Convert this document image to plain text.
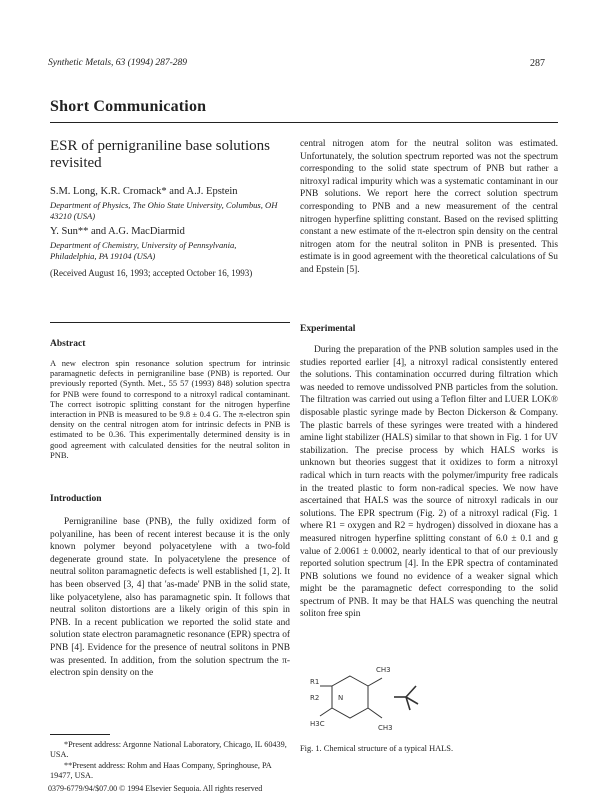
Synthetic Metals, 63 (1994) 287-289	287
Short Communication
ESR of pernigraniline base solutions
revisited
S.M. Long, K.R. Cromack* and A.J. Epstein
Department of Physics, The Ohio State University, Columbus, OH 43210 (USA)
Y. Sun** and A.G. MacDiarmid
Department of Chemistry, University of Pennsylvania, Philadelphia, PA 19104 (USA)
(Received August 16, 1993; accepted October 16, 1993)
Abstract
A new electron spin resonance solution spectrum for intrinsic paramagnetic defects in pernigraniline base (PNB) is reported. Our previously reported (Synth. Met., 55 57 (1993) 848) solution spectra for PNB were found to correspond to a nitroxyl radical contaminant. The correct isotropic splitting constant for the nitrogen hyperfine interaction in PNB is measured to be 9.8 ± 0.4 G. The π-electron spin density on the central nitrogen atom for intrinsic defects in PNB is estimated to be 0.36. This experimentally determined density is in good agreement with calculated densities for the neutral soliton in PNB.
Introduction

Pernigraniline base (PNB), the fully oxidized form of polyaniline, has been of recent interest because it is the only known polymer beyond polyacetylene with a two-fold degenerate ground state. In polyacetylene the presence of neutral soliton paramagnetic defects is well established [1, 2]. It has been observed [3, 4] that 'as-made' PNB in the solid state, like polyacetylene, also has paramagnetic spin. It follows that neutral soliton distortions are a likely origin of this spin in PNB. In a recent publication we reported the solid state and solution state electron paramagnetic resonance (EPR) spectra of PNB [4]. Evidence for the presence of neutral solitons in PNB was presented. In addition, from the solution spectrum the π-electron spin density on the

*Present address: Argonne National Laboratory, Chicago, IL 60439, USA.

**Present address: Rohm and Haas Company, Springhouse, PA 19477, USA.

central nitrogen atom for the neutral soliton was estimated. Unfortunately, the solution spectrum reported was not the spectrum corresponding to the solid state spectrum of PNB but rather a nitroxyl radical impurity which was a systematic contaminant in our PNB solutions. We report here the correct solution spectrum corresponding to PNB and a new measurement of the central nitrogen hyperfine splitting constant. Based on the revised splitting constant a new estimate of the π-electron spin density on the central nitrogen atom for the neutral soliton in PNB is presented. This estimate is in good agreement with the theoretical calculations of Su and Epstein [5].
Experimental

During the preparation of the PNB solution samples used in the studies reported earlier [4], a nitroxyl radical consistently entered the solutions. This contamination occurred during filtration which was needed to remove undissolved PNB particles from the solution. The filtration was carried out using a Teflon filter and LUER LOK® disposable plastic syringe made by Becton Dickerson & Company. The plastic barrels of these syringes were treated with a hindered amine light stabilizer (HALS) similar to that shown in Fig. 1 for UV stabilization. The precise process by which HALS works is unknown but theories suggest that it oxidizes to form a nitroxyl radical which in turn reacts with the polymer/impurity free radicals in the treated plastic to form non-radical species. We now have ascertained that HALS was the source of nitroxyl radicals in our solutions. The EPR spectrum (Fig. 2) of a nitroxyl radical (Fig. 1 where R1 = oxygen and R2 = hydrogen) dissolved in dioxane has a measured nitrogen hyperfine splitting constant of 6.0 ± 0.1 and g value of 2.0061 ± 0.0002, nearly identical to that of our previously reported solution spectrum [4]. In the EPR spectra of contaminated PNB solutions we found no evidence of a weaker signal which might be the paramagnetic defect corresponding to the solid spectrum of PNB. It may be that HALS was quenching the neutral soliton free spin

CH3
R1
N
R2
H3C	CH3
Fig. 1. Chemical structure of a typical HALS.
0379-6779/94/$07.00 © 1994 Elsevier Sequoia. All rights reserved
